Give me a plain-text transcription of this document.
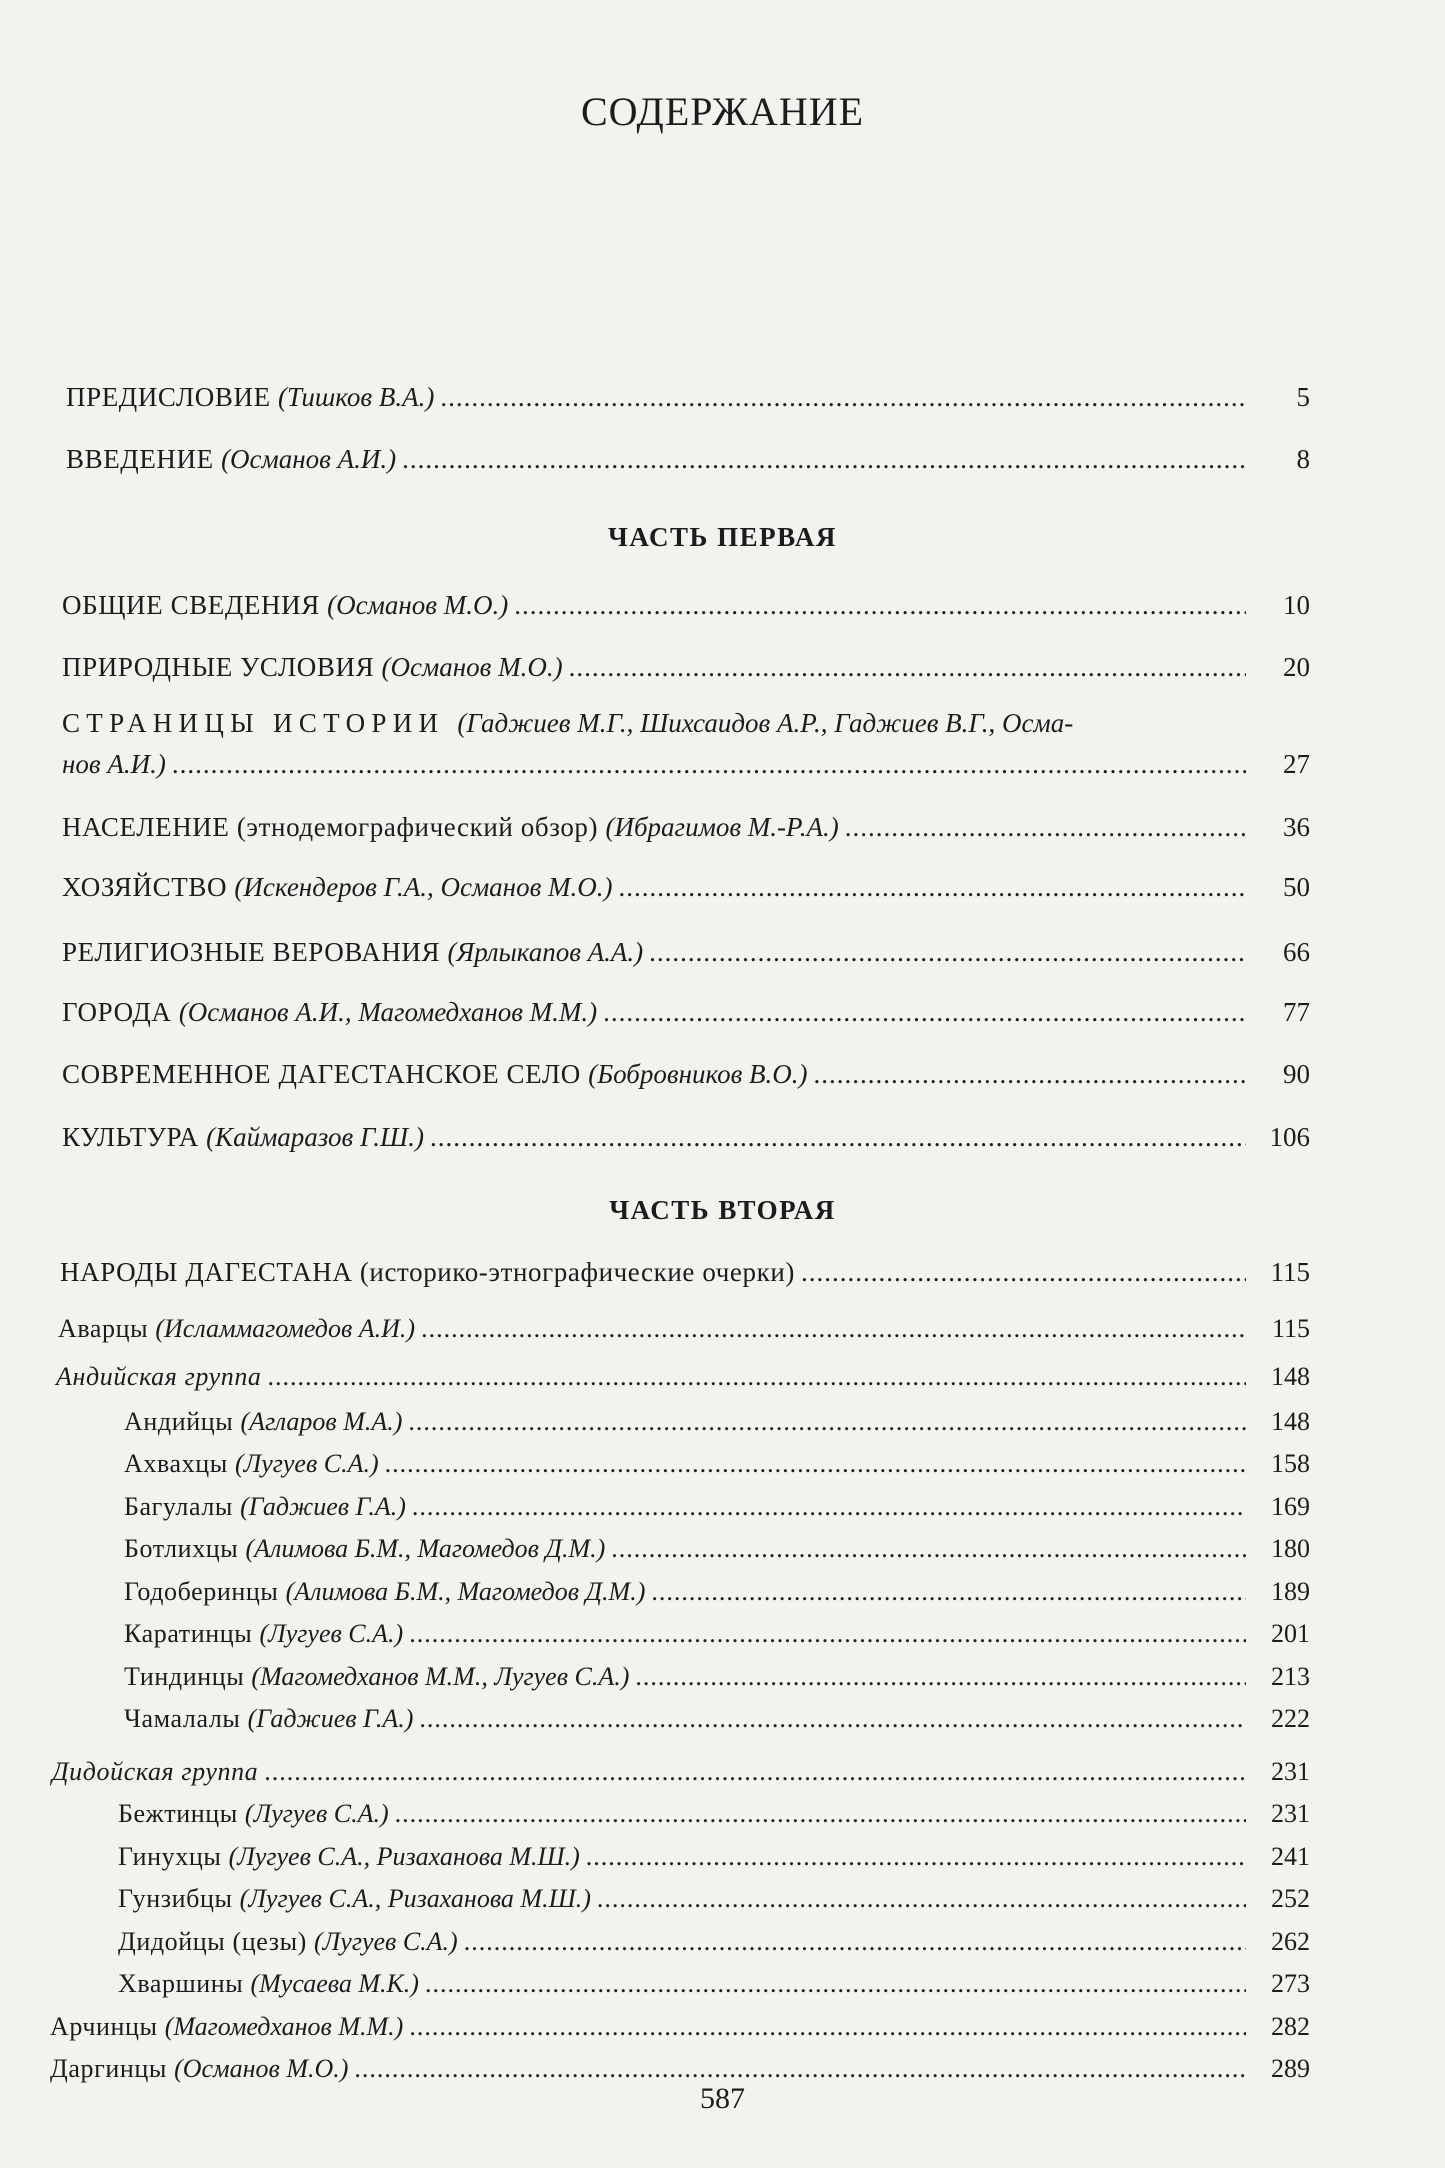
СОДЕРЖАНИЕ
ПРЕДИСЛОВИЕ (Тишков В.А.) .....	5
ВВЕДЕНИЕ (Османов А.И.) .....	8
ЧАСТЬ ПЕРВАЯ
ОБЩИЕ СВЕДЕНИЯ (Османов М.О.) .....	10
ПРИРОДНЫЕ УСЛОВИЯ (Османов М.О.) .....	20
СТРАНИЦЫ ИСТОРИИ (Гаджиев М.Г., Шихсаидов А.Р., Гаджиев В.Г., Осма-
нов А.И.) .....	27
НАСЕЛЕНИЕ (этнодемографический обзор) (Ибрагимов М.-Р.А.) .....	36
ХОЗЯЙСТВО (Искендеров Г.А., Османов М.О.) .....	50
РЕЛИГИОЗНЫЕ ВЕРОВАНИЯ (Ярлыкапов А.А.) .....	66
ГОРОДА (Османов А.И., Магомедханов М.М.) .....	77
СОВРЕМЕННОЕ ДАГЕСТАНСКОЕ СЕЛО (Бобровников В.О.) .....	90
КУЛЬТУРА (Каймаразов Г.Ш.) .....	106
ЧАСТЬ ВТОРАЯ
НАРОДЫ ДАГЕСТАНА (историко-этнографические очерки) .....	115
Аварцы (Исламмагомедов А.И.) .....	115
Андийская группа .....	148
Андийцы (Агларов М.А.) .....	148
Ахвахцы (Лугуев С.А.) .....	158
Багулалы (Гаджиев Г.А.) .....	169
Ботлихцы (Алимова Б.М., Магомедов Д.М.) .....	180
Годоберинцы (Алимова Б.М., Магомедов Д.М.) .....	189
Каратинцы (Лугуев С.А.) .....	201
Тиндинцы (Магомедханов М.М., Лугуев С.А.) .....	213
Чамалалы (Гаджиев Г.А.) .....	222
Дидойская группа .....	231
Бежтинцы (Лугуев С.А.) .....	231
Гинухцы (Лугуев С.А., Ризаханова М.Ш.) .....	241
Гунзибцы (Лугуев С.А., Ризаханова М.Ш.) .....	252
Дидойцы (цезы) (Лугуев С.А.) .....	262
Хваршины (Мусаева М.К.) .....	273
Арчинцы (Магомедханов М.М.) .....	282
Даргинцы (Османов М.О.) .....	289
587
